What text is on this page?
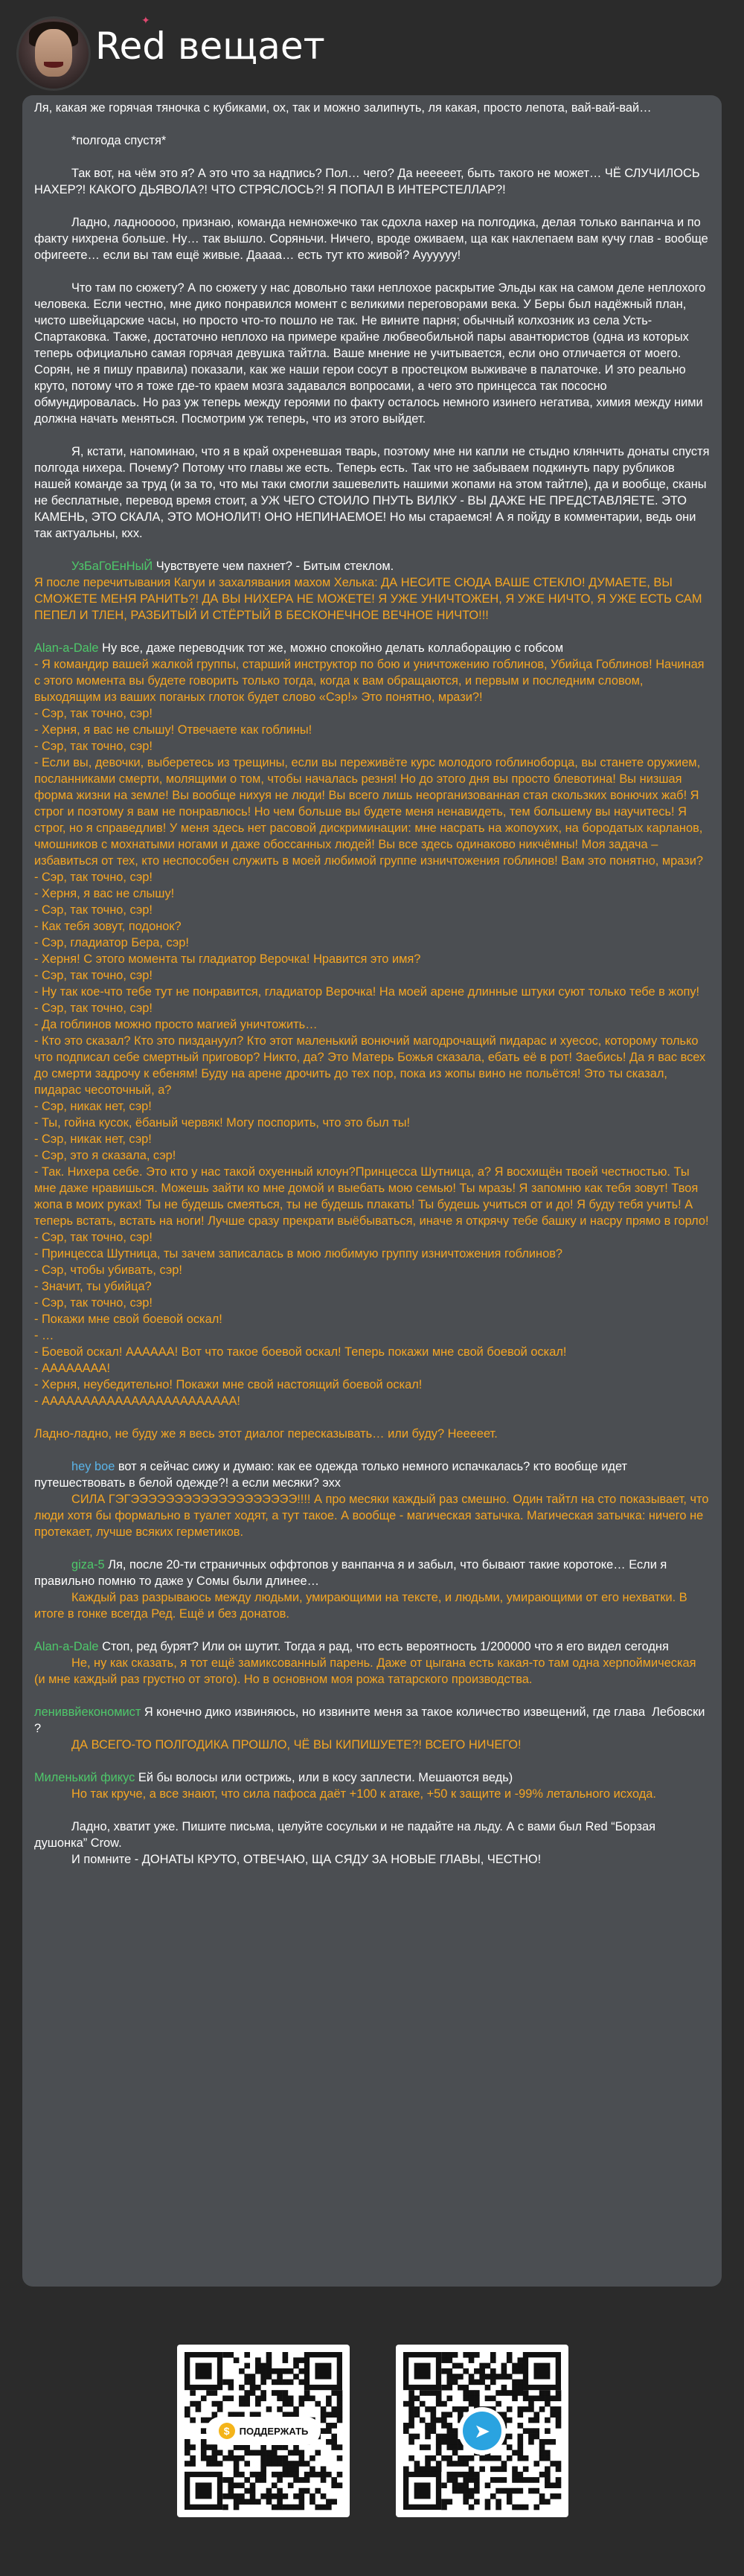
✦
Red вещает

Ля, какая же горячая тяночка с кубиками, ох, так и можно залипнуть, ля какая, просто лепота, вай-вай-вай…

*полгода спустя*

Так вот, на чём это я? А это что за надпись? Пол… чего? Да нееееет, быть такого не может… ЧЁ СЛУЧИЛОСЬ НАХЕР?! КАКОГО ДЬЯВОЛА?! ЧТО СТРЯСЛОСЬ?! Я ПОПАЛ В ИНТЕРСТЕЛЛАР?!

Ладно, ладнооооо, признаю, команда немножечко так сдохла нахер на полгодика, делая только ванпанча и по факту нихрена больше. Ну… так вышло. Соряньчи. Ничего, вроде оживаем, ща как наклепаем вам кучу глав - вообще офигеете… если вы там ещё живые. Даааа… есть тут кто живой? Ауууууу!

Что там по сюжету? А по сюжету у нас довольно таки неплохое раскрытие Эльды как на самом деле неплохого человека. Если честно, мне дико понравился момент с великими переговорами века. У Беры был надёжный план, чисто швейцарские часы, но просто что-то пошло не так. Не вините парня; обычный колхозник из села Усть-Спартаковка. Также, достаточно неплохо на примере крайне любвеобильной пары авантюристов (одна из которых теперь официально самая горячая девушка тайтла. Ваше мнение не учитывается, если оно отличается от моего. Сорян, не я пишу правила) показали, как же наши герои сосут в простецком выживаче в палаточке. И это реально круто, потому что я тоже где-то краем мозга задавался вопросами, а чего это принцесса так пососно обмундировалась. Но раз уж теперь между героями по факту осталось немного изинего негатива, химия между ними должна начать меняться. Посмотрим уж теперь, что из этого выйдет.

Я, кстати, напоминаю, что я в край охреневшая тварь, поэтому мне ни капли не стыдно клянчить донаты спустя полгода нихера. Почему? Потому что главы же есть. Теперь есть. Так что не забываем подкинуть пару рубликов нашей команде за труд (и за то, что мы таки смогли зашевелить нашими жопами на этом тайтле), да и вообще, сканы не бесплатные, перевод время стоит, а УЖ ЧЕГО СТОИЛО ПНУТЬ ВИЛКУ - ВЫ ДАЖЕ НЕ ПРЕДСТАВЛЯЕТЕ. ЭТО КАМЕНЬ, ЭТО СКАЛА, ЭТО МОНОЛИТ! ОНО НЕПИНАЕМОЕ! Но мы стараемся! А я пойду в комментарии, ведь они так актуальны, кхх.

УзБаГоЕнНыЙ Чувствуете чем пахнет? - Битым стеклом.

Я после перечитывания Кагуи и захалявания махом Хелька: ДА НЕСИТЕ СЮДА ВАШЕ СТЕКЛО! ДУМАЕТЕ, ВЫ СМОЖЕТЕ МЕНЯ РАНИТЬ?! ДА ВЫ НИХЕРА НЕ МОЖЕТЕ! Я УЖЕ УНИЧТОЖЕН, Я УЖЕ НИЧТО, Я УЖЕ ЕСТЬ САМ ПЕПЕЛ И ТЛЕН, РАЗБИТЫЙ И СТЁРТЫЙ В БЕСКОНЕЧНОЕ ВЕЧНОЕ НИЧТО!!!

Alan-a-Dale Ну все, даже переводчик тот же, можно спокойно делать коллаборацию с гобсом

- Я командир вашей жалкой группы, старший инструктор по бою и уничтожению гоблинов, Убийца Гоблинов! Начиная с этого момента вы будете говорить только тогда, когда к вам обращаются, и первым и последним словом, выходящим из ваших поганых глоток будет слово «Сэр!» Это понятно, мрази?!

- Сэр, так точно, сэр!

- Херня, я вас не слышу! Отвечаете как гоблины!

- Сэр, так точно, сэр!

- Если вы, девочки, выберетесь из трещины, если вы переживёте курс молодого гоблиноборца, вы станете оружием, посланниками смерти, молящими о том, чтобы началась резня! Но до этого дня вы просто блевотина! Вы низшая форма жизни на земле! Вы вообще нихуя не люди! Вы всего лишь неорганизованная стая скользких вонючих жаб! Я строг и поэтому я вам не понравлюсь! Но чем больше вы будете меня ненавидеть, тем большему вы научитесь! Я строг, но я справедлив! У меня здесь нет расовой дискриминации: мне насрать на жопоухих, на бородатых карланов, чмошников с мохнатыми ногами и даже обоссанных людей! Вы все здесь одинаково никчёмны! Моя задача – избавиться от тех, кто неспособен служить в моей любимой группе изничтожения гоблинов! Вам это понятно, мрази?

- Сэр, так точно, сэр!

- Херня, я вас не слышу!

- Сэр, так точно, сэр!

- Как тебя зовут, подонок?

- Сэр, гладиатор Бера, сэр!

- Херня! С этого момента ты гладиатор Верочка! Нравится это имя?

- Сэр, так точно, сэр!

- Ну так кое-что тебе тут не понравится, гладиатор Верочка! На моей арене длинные штуки суют только тебе в жопу!

- Сэр, так точно, сэр!

- Да гоблинов можно просто магией уничтожить…

- Кто это сказал? Кто это пиздануул? Кто этот маленький вонючий магодрочащий пидарас и хуесос, которому только что подписал себе смертный приговор? Никто, да? Это Матерь Божья сказала, ебать её в рот! Заебись! Да я вас всех до смерти задрочу к ебеням! Буду на арене дрочить до тех пор, пока из жопы вино не польётся! Это ты сказал, пидарас чесоточный, а?

- Сэр, никак нет, сэр!

- Ты, гойна кусок, ёбаный червяк! Могу поспорить, что это был ты!

- Сэр, никак нет, сэр!

- Сэр, это я сказала, сэр!

- Так. Нихера себе. Это кто у нас такой охуенный клоун?Принцесса Шутница, а? Я восхищён твоей честностью. Ты мне даже нравишься. Можешь зайти ко мне домой и выебать мою семью! Ты мразь! Я запомню как тебя зовут! Твоя жопа в моих руках! Ты не будешь смеяться, ты не будешь плакать! Ты будешь учиться от и до! Я буду тебя учить! А теперь встать, встать на ноги! Лучше сразу прекрати выёбываться, иначе я открячу тебе башку и насру прямо в горло!

- Сэр, так точно, сэр!

- Принцесса Шутница, ты зачем записалась в мою любимую группу изничтожения гоблинов?

- Сэр, чтобы убивать, сэр!

- Значит, ты убийца?

- Сэр, так точно, сэр!

- Покажи мне свой боевой оскал!

- …

- Боевой оскал! АААААА! Вот что такое боевой оскал! Теперь покажи мне свой боевой оскал!

- АААААААА!

- Херня, неубедительно! Покажи мне свой настоящий боевой оскал!

- АААААААААААААААААААААААА!

Ладно-ладно, не буду же я весь этот диалог пересказывать… или буду? Нееееет.

hey boe вот я сейчас сижу и думаю: как ее одежда только немного испачкалась? кто вообще идет путешествовать в белой одежде?! а если месяки? эхх

СИЛА ГЭГЭЭЭЭЭЭЭЭЭЭЭЭЭЭЭЭЭЭЭ!!!! А про месяки каждый раз смешно. Один тайтл на сто показывает, что люди хотя бы формально в туалет ходят, а тут такое. А вообще - магическая затычка. Магическая затычка: ничего не протекает, лучше всяких герметиков.

giza-5 Ля, после 20-ти страничных оффтопов у ванпанча я и забыл, что бывают такие коротоке… Если я правильно помню то даже у Сомы были длинее…

Каждый раз разрываюсь между людьми, умирающими на тексте, и людьми, умирающими от его нехватки. В итоге в гонке всегда Ред. Ещё и без донатов.

Alan-a-Dale Стоп, ред бурят? Или он шутит. Тогда я рад, что есть вероятность 1/200000 что я его видел сегодня

Не, ну как сказать, я тот ещё замиксованный парень. Даже от цыгана есть какая-то там одна херпоймическая (и мне каждый раз грустно от этого). Но в основном моя рожа татарского производства.

лениввйекономист Я конечно дико извиняюсь, но извините меня за такое количество извещений, где глава  Лебовски ?

ДА ВСЕГО-ТО ПОЛГОДИКА ПРОШЛО, ЧЁ ВЫ КИПИШУЕТЕ?! ВСЕГО НИЧЕГО!

Миленький фикус Ей бы волосы или острижь, или в косу заплести. Мешаются ведь)

Но так круче, а все знают, что сила пафоса даёт +100 к атаке, +50 к защите и -99% летального исхода.

Ладно, хватит уже. Пишите письма, целуйте сосульки и не падайте на льду. А с вами был Red “Борзая душонка” Crow.

И помните - ДОНАТЫ КРУТО, ОТВЕЧАЮ, ЩА СЯДУ ЗА НОВЫЕ ГЛАВЫ, ЧЕСТНО!

$	ПОДДЕРЖАТЬ	➤
